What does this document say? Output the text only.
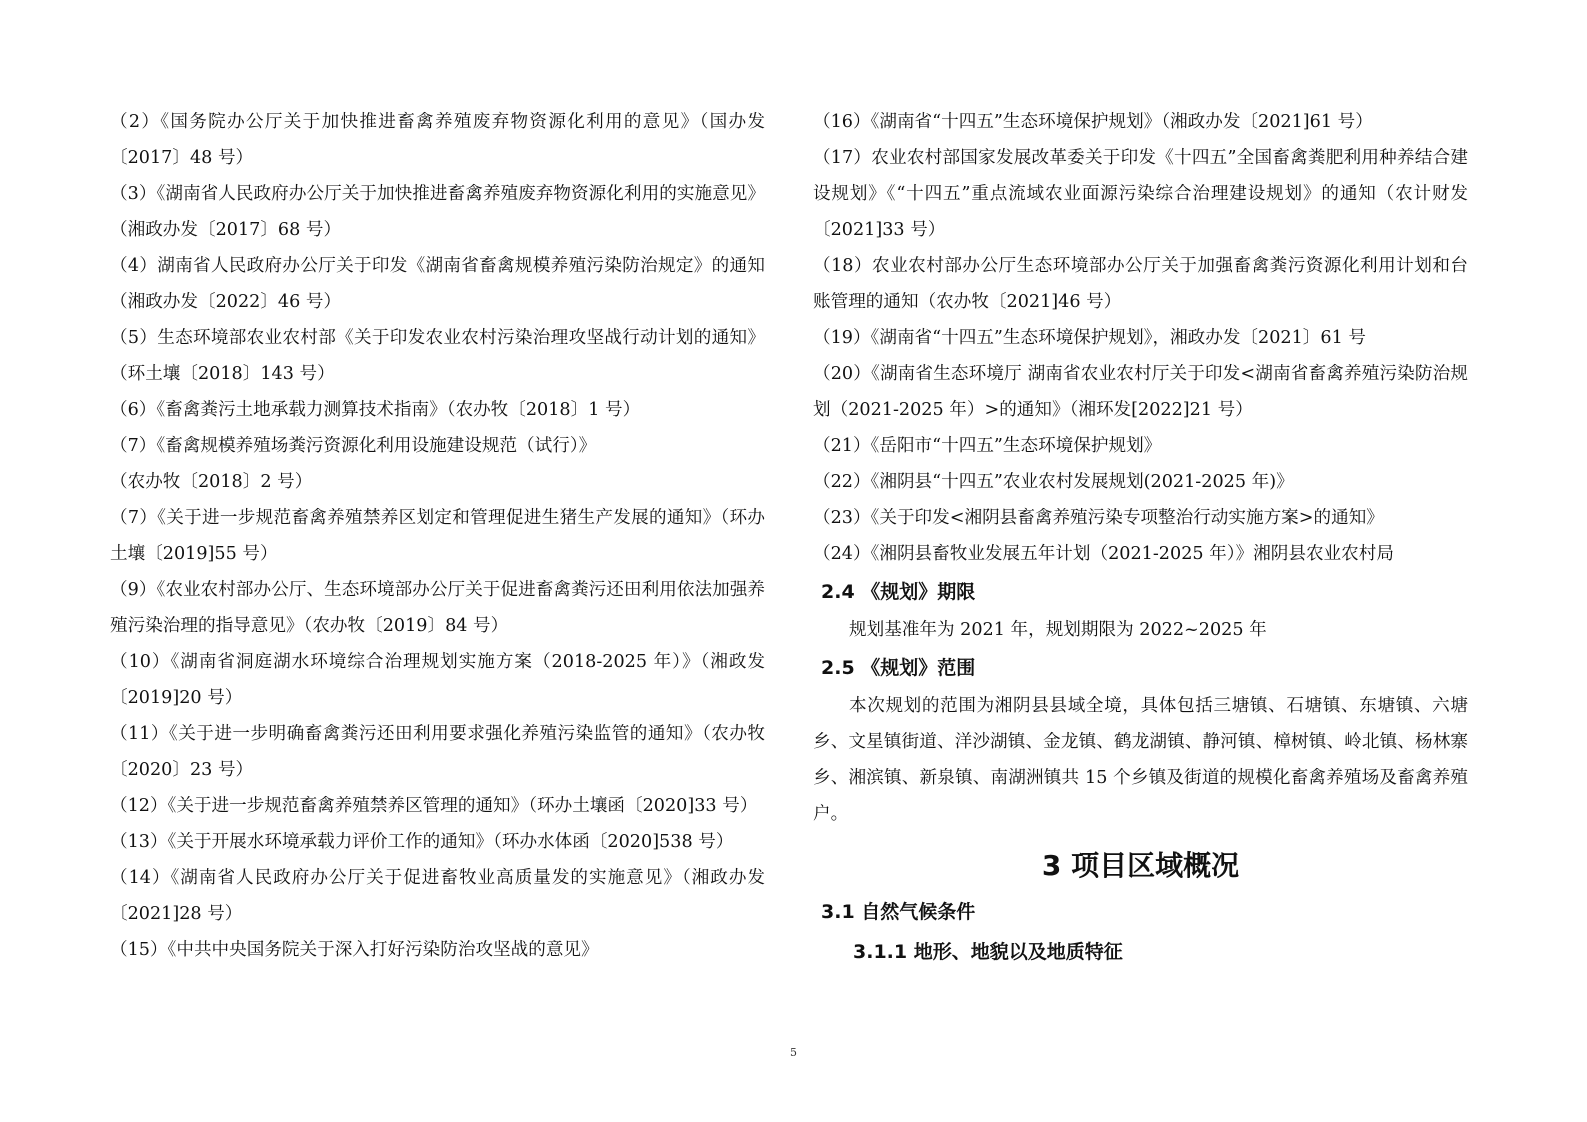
（2）《国务院办公厅关于加快推进畜禽养殖废弃物资源化利用的意见》（国办发〔2017〕48 号）

（3）《湖南省人民政府办公厅关于加快推进畜禽养殖废弃物资源化利用的实施意见》（湘政办发〔2017〕68 号）

（4）湖南省人民政府办公厅关于印发《湖南省畜禽规模养殖污染防治规定》的通知（湘政办发〔2022〕46 号）

（5）生态环境部农业农村部《关于印发农业农村污染治理攻坚战行动计划的通知》（环土壤〔2018〕143 号）

（6）《畜禽粪污土地承载力测算技术指南》（农办牧〔2018〕1 号）

（7）《畜禽规模养殖场粪污资源化利用设施建设规范（试行）》

（农办牧〔2018〕2 号）

（7）《关于进一步规范畜禽养殖禁养区划定和管理促进生猪生产发展的通知》（环办土壤〔2019]55 号）

（9）《农业农村部办公厅、生态环境部办公厅关于促进畜禽粪污还田利用依法加强养殖污染治理的指导意见》（农办牧〔2019〕84 号）

（10）《湖南省洞庭湖水环境综合治理规划实施方案（2018-2025 年）》（湘政发〔2019]20 号）

（11）《关于进一步明确畜禽粪污还田利用要求强化养殖污染监管的通知》（农办牧〔2020〕23 号）

（12）《关于进一步规范畜禽养殖禁养区管理的通知》（环办土壤函〔2020]33 号）

（13）《关于开展水环境承载力评价工作的通知》（环办水体函〔2020]538 号）

（14）《湖南省人民政府办公厅关于促进畜牧业高质量发的实施意见》（湘政办发〔2021]28 号）

（15）《中共中央国务院关于深入打好污染防治攻坚战的意见》

（16）《湖南省“十四五”生态环境保护规划》（湘政办发〔2021]61 号）

（17）农业农村部国家发展改革委关于印发《十四五”全国畜禽粪肥利用种养结合建设规划》《“十四五”重点流域农业面源污染综合治理建设规划》的通知（农计财发〔2021]33 号）

（18）农业农村部办公厅生态环境部办公厅关于加强畜禽粪污资源化利用计划和台账管理的通知（农办牧〔2021]46 号）

（19）《湖南省“十四五”生态环境保护规划》，湘政办发〔2021〕61 号

（20）《湖南省生态环境厅 湖南省农业农村厅关于印发<湖南省畜禽养殖污染防治规划（2021-2025 年）>的通知》（湘环发[2022]21 号）

（21）《岳阳市“十四五”生态环境保护规划》

（22）《湘阴县“十四五”农业农村发展规划(2021-2025 年)》

（23）《关于印发<湘阴县畜禽养殖污染专项整治行动实施方案>的通知》

（24）《湘阴县畜牧业发展五年计划（2021-2025 年）》湘阴县农业农村局

2.4 《规划》期限

规划基准年为 2021 年，规划期限为 2022~2025 年

2.5 《规划》范围

本次规划的范围为湘阴县县域全境，具体包括三塘镇、石塘镇、东塘镇、六塘乡、文星镇街道、洋沙湖镇、金龙镇、鹤龙湖镇、静河镇、樟树镇、岭北镇、杨林寨乡、湘滨镇、新泉镇、南湖洲镇共 15 个乡镇及街道的规模化畜禽养殖场及畜禽养殖户。

3 项目区域概况
3.1 自然气候条件
3.1.1 地形、地貌以及地质特征
5
